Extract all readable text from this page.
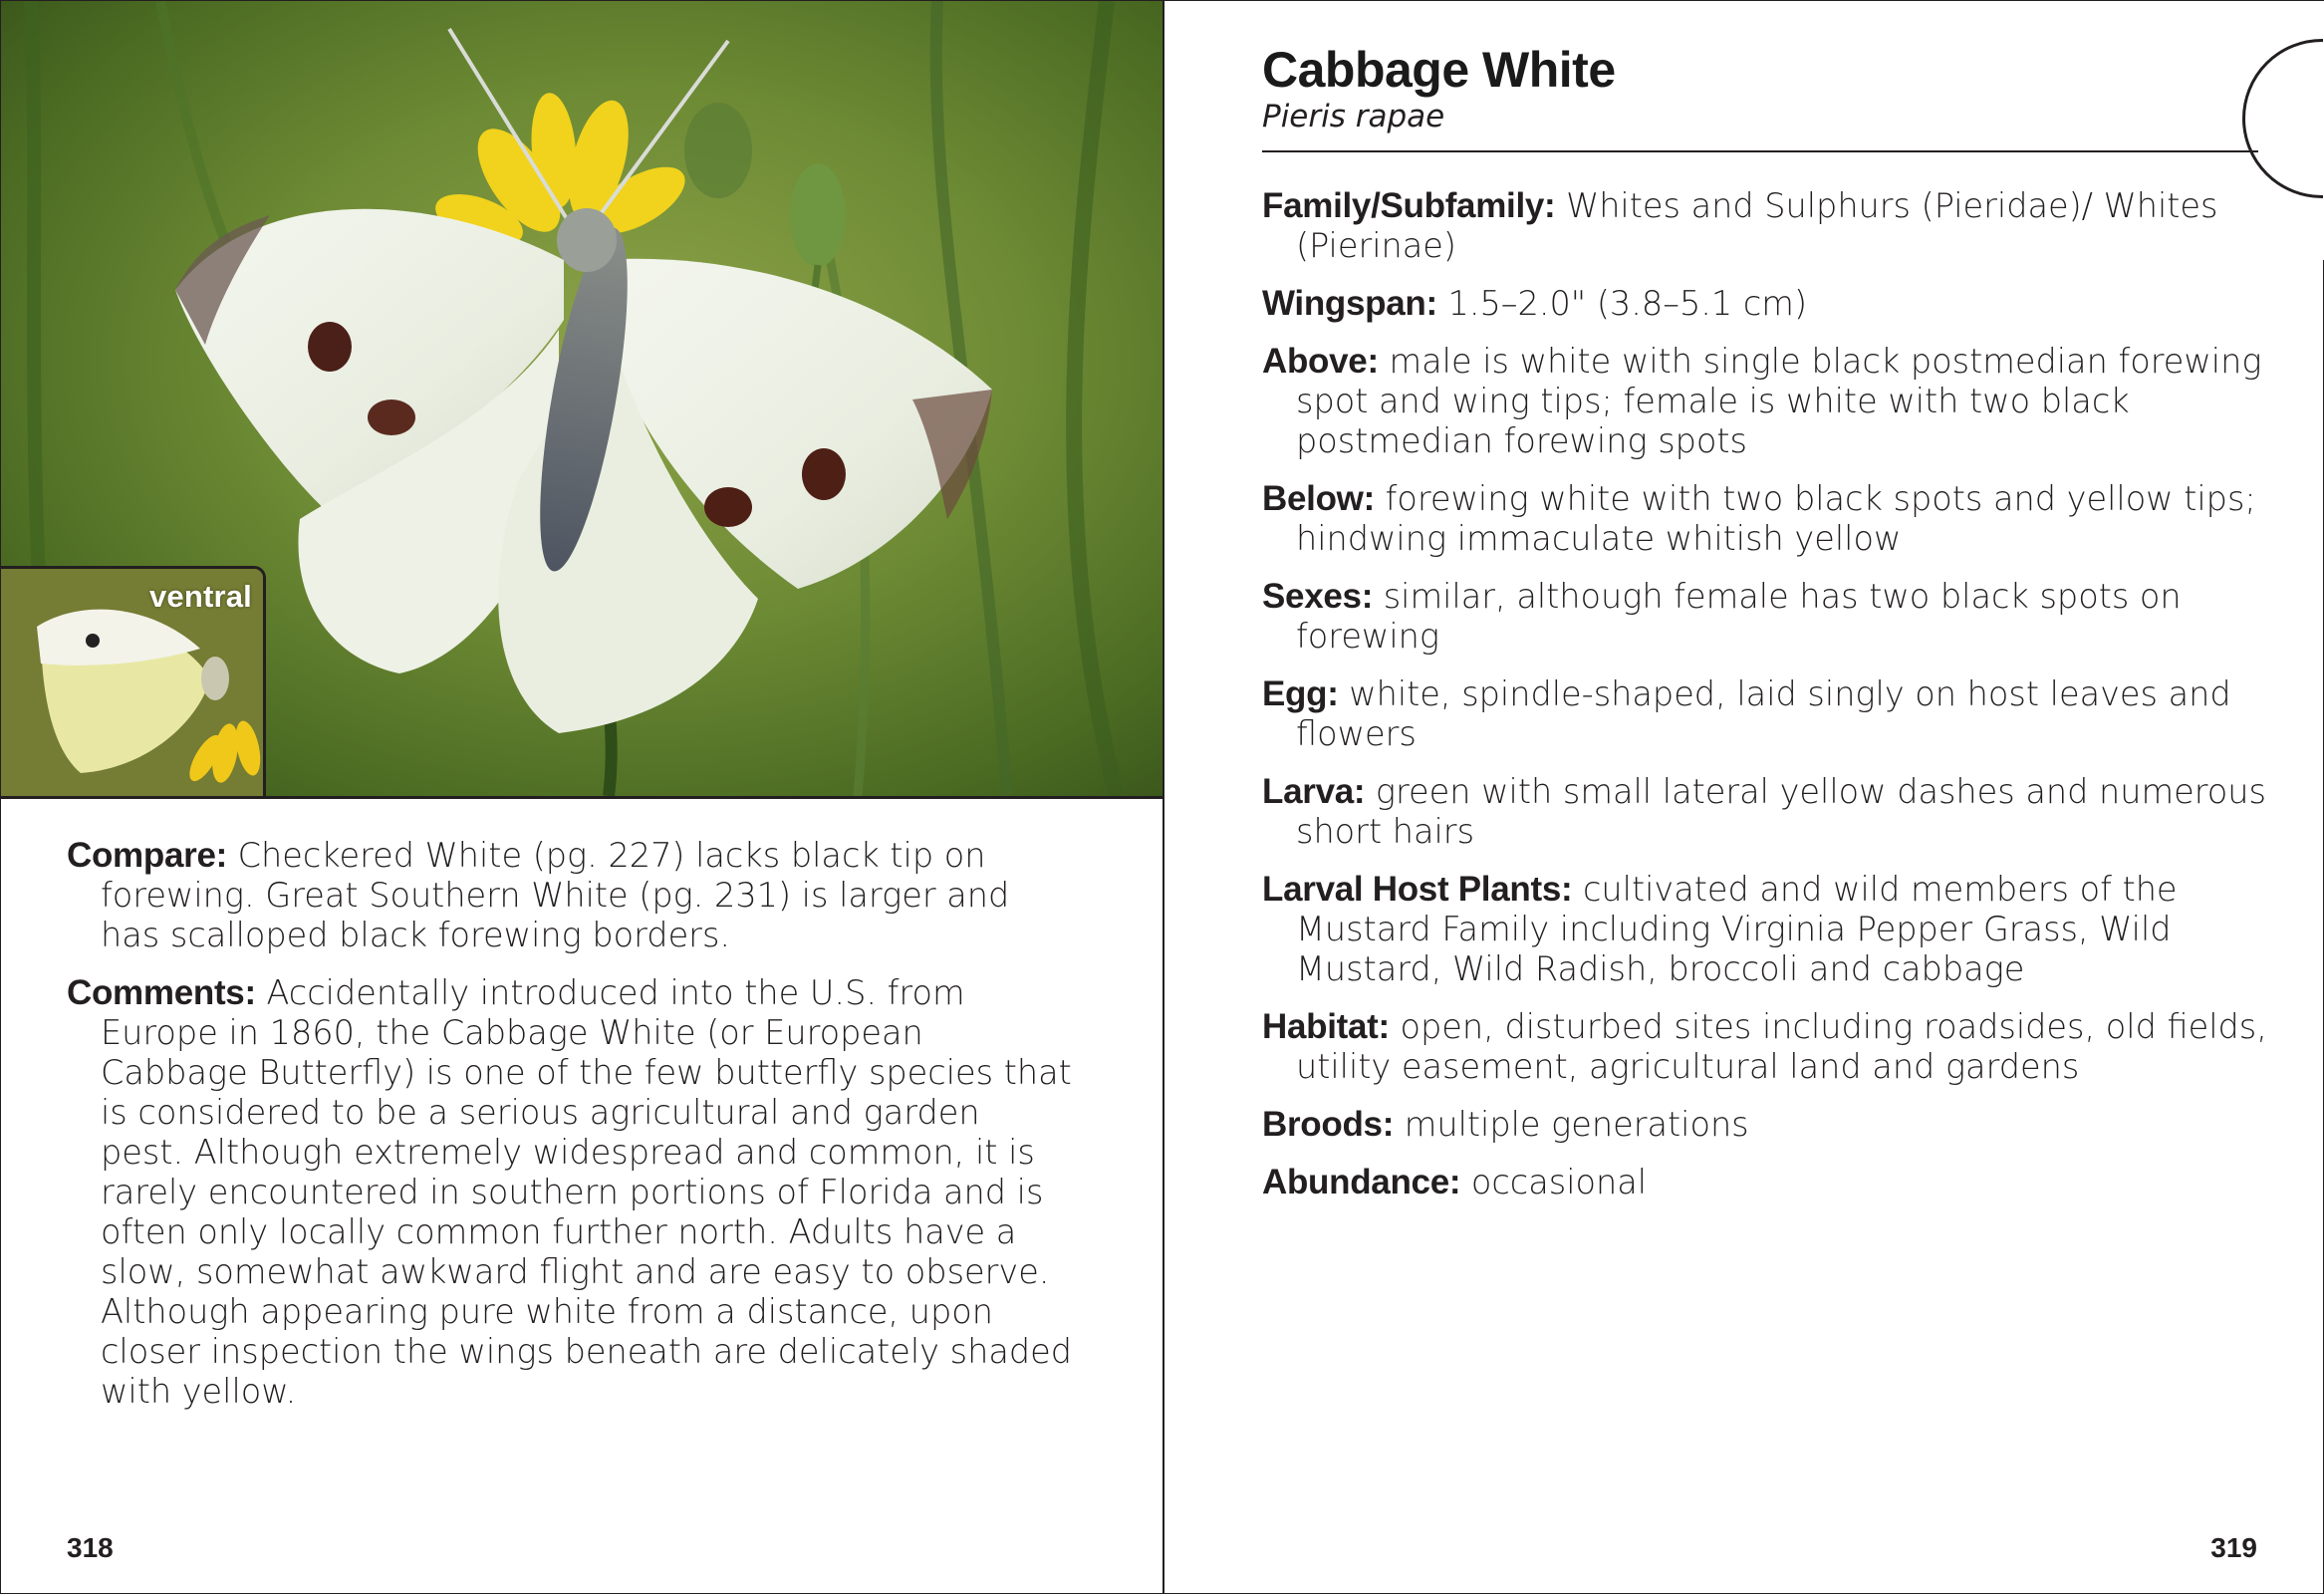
ventral

Compare: Checkered White (pg. 227) lacks black tip on forewing. Great Southern White (pg. 231) is larger and has scalloped black forewing borders.

Comments: Accidentally introduced into the U.S. from Europe in 1860, the Cabbage White (or European Cabbage Butterfly) is one of the few butterfly species that is considered to be a serious agricultural and garden pest. Although extremely widespread and common, it is rarely encountered in southern portions of Florida and is often only locally common further north. Adults have a slow, somewhat awkward flight and are easy to observe. Although appearing pure white from a distance, upon closer inspection the wings beneath are delicately shaded with yellow.

318
Cabbage White
Pieris rapae

Family/Subfamily: Whites and Sulphurs (Pieridae)/ Whites (Pierinae)

Wingspan: 1.5–2.0" (3.8–5.1 cm)

Above: male is white with single black postmedian forewing spot and wing tips; female is white with two black postmedian forewing spots

Below: forewing white with two black spots and yellow tips; hindwing immaculate whitish yellow

Sexes: similar, although female has two black spots on forewing

Egg: white, spindle-shaped, laid singly on host leaves and flowers

Larva: green with small lateral yellow dashes and numerous short hairs

Larval Host Plants: cultivated and wild members of the Mustard Family including Virginia Pepper Grass, Wild Mustard, Wild Radish, broccoli and cabbage

Habitat: open, disturbed sites including roadsides, old fields, utility easement, agricultural land and gardens

Broods: multiple generations

Abundance: occasional

319
